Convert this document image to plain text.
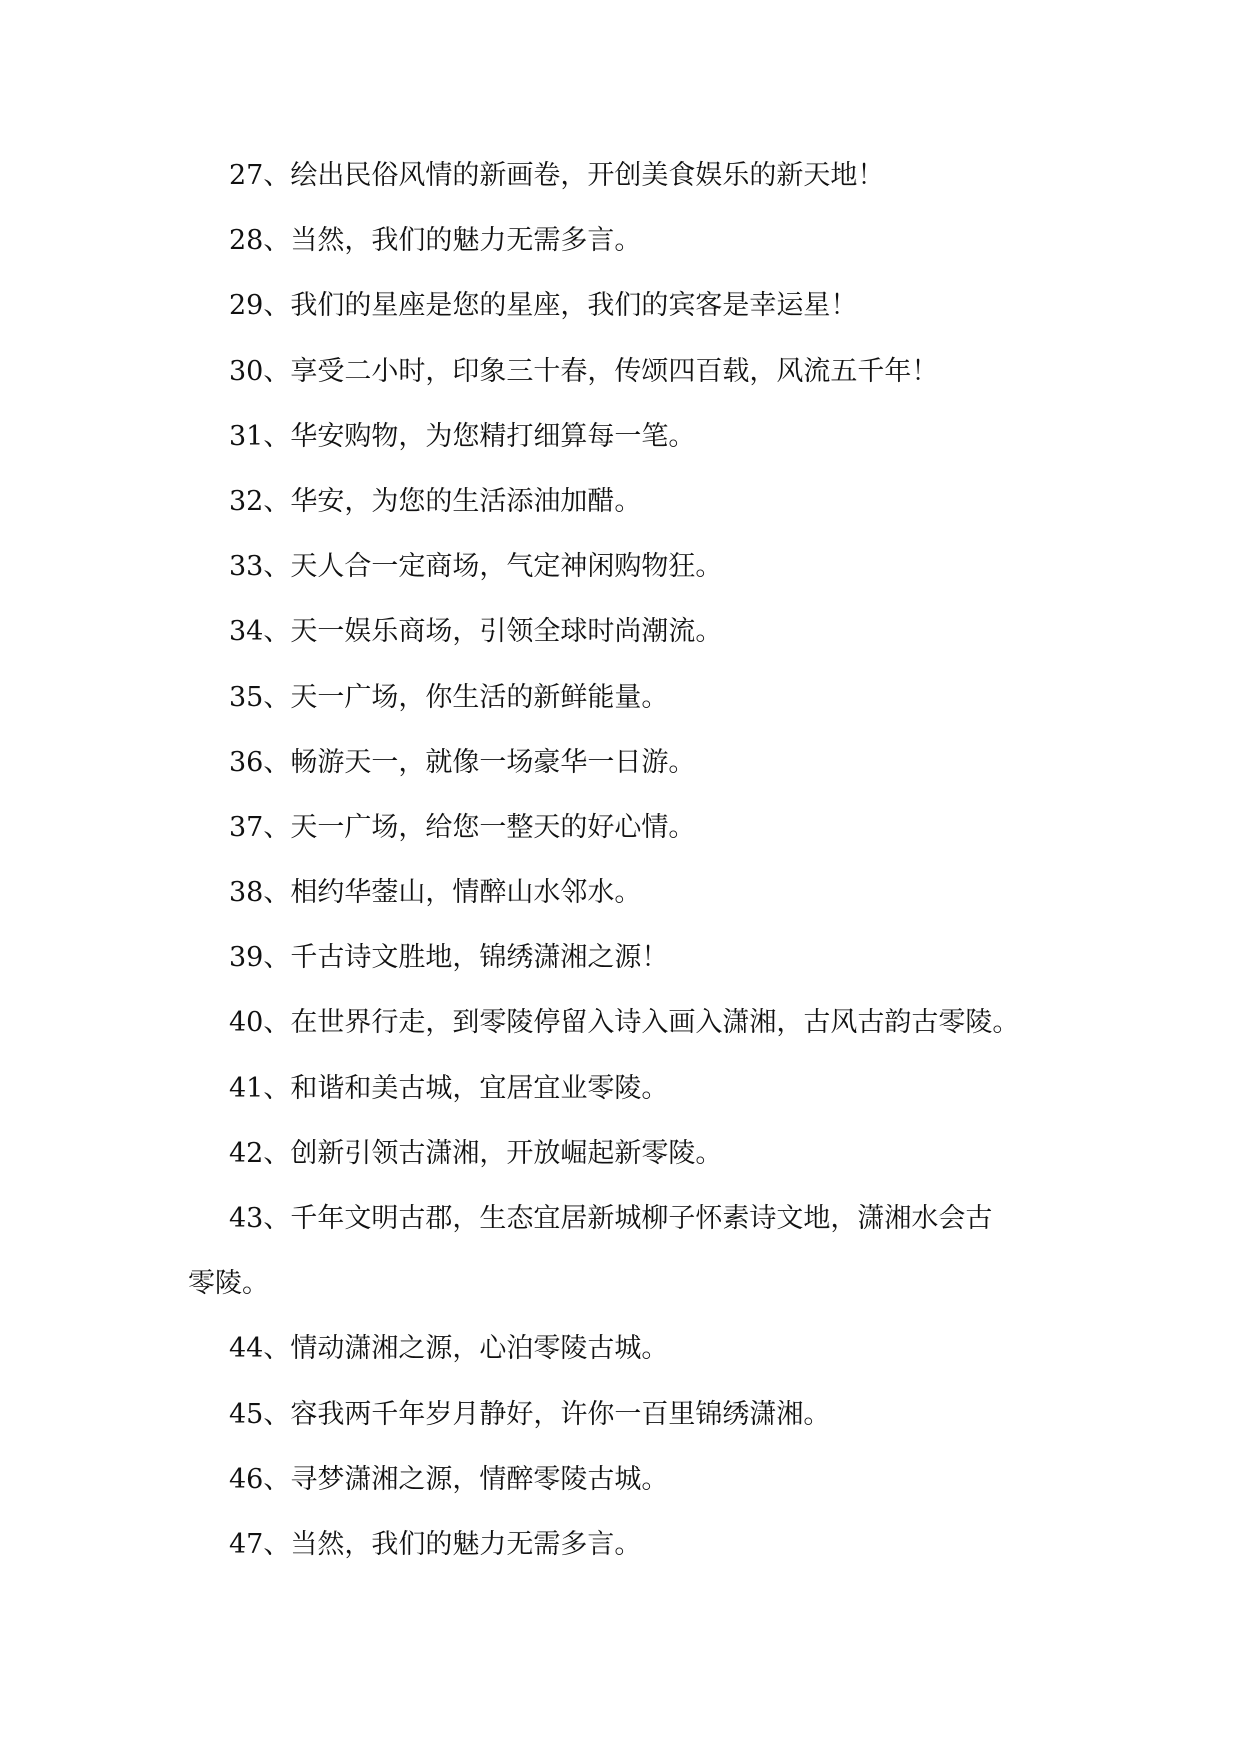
27、绘出民俗风情的新画卷，开创美食娱乐的新天地！
28、当然，我们的魅力无需多言。
29、我们的星座是您的星座，我们的宾客是幸运星！
30、享受二小时，印象三十春，传颂四百载，风流五千年！
31、华安购物，为您精打细算每一笔。
32、华安，为您的生活添油加醋。
33、天人合一定商场，气定神闲购物狂。
34、天一娱乐商场，引领全球时尚潮流。
35、天一广场，你生活的新鲜能量。
36、畅游天一，就像一场豪华一日游。
37、天一广场，给您一整天的好心情。
38、相约华蓥山，情醉山水邻水。
39、千古诗文胜地，锦绣潇湘之源！
40、在世界行走，到零陵停留入诗入画入潇湘，古风古韵古零陵。
41、和谐和美古城，宜居宜业零陵。
42、创新引领古潇湘，开放崛起新零陵。
43、千年文明古郡，生态宜居新城柳子怀素诗文地，潇湘水会古
零陵。
44、情动潇湘之源，心泊零陵古城。
45、容我两千年岁月静好，许你一百里锦绣潇湘。
46、寻梦潇湘之源，情醉零陵古城。
47、当然，我们的魅力无需多言。
